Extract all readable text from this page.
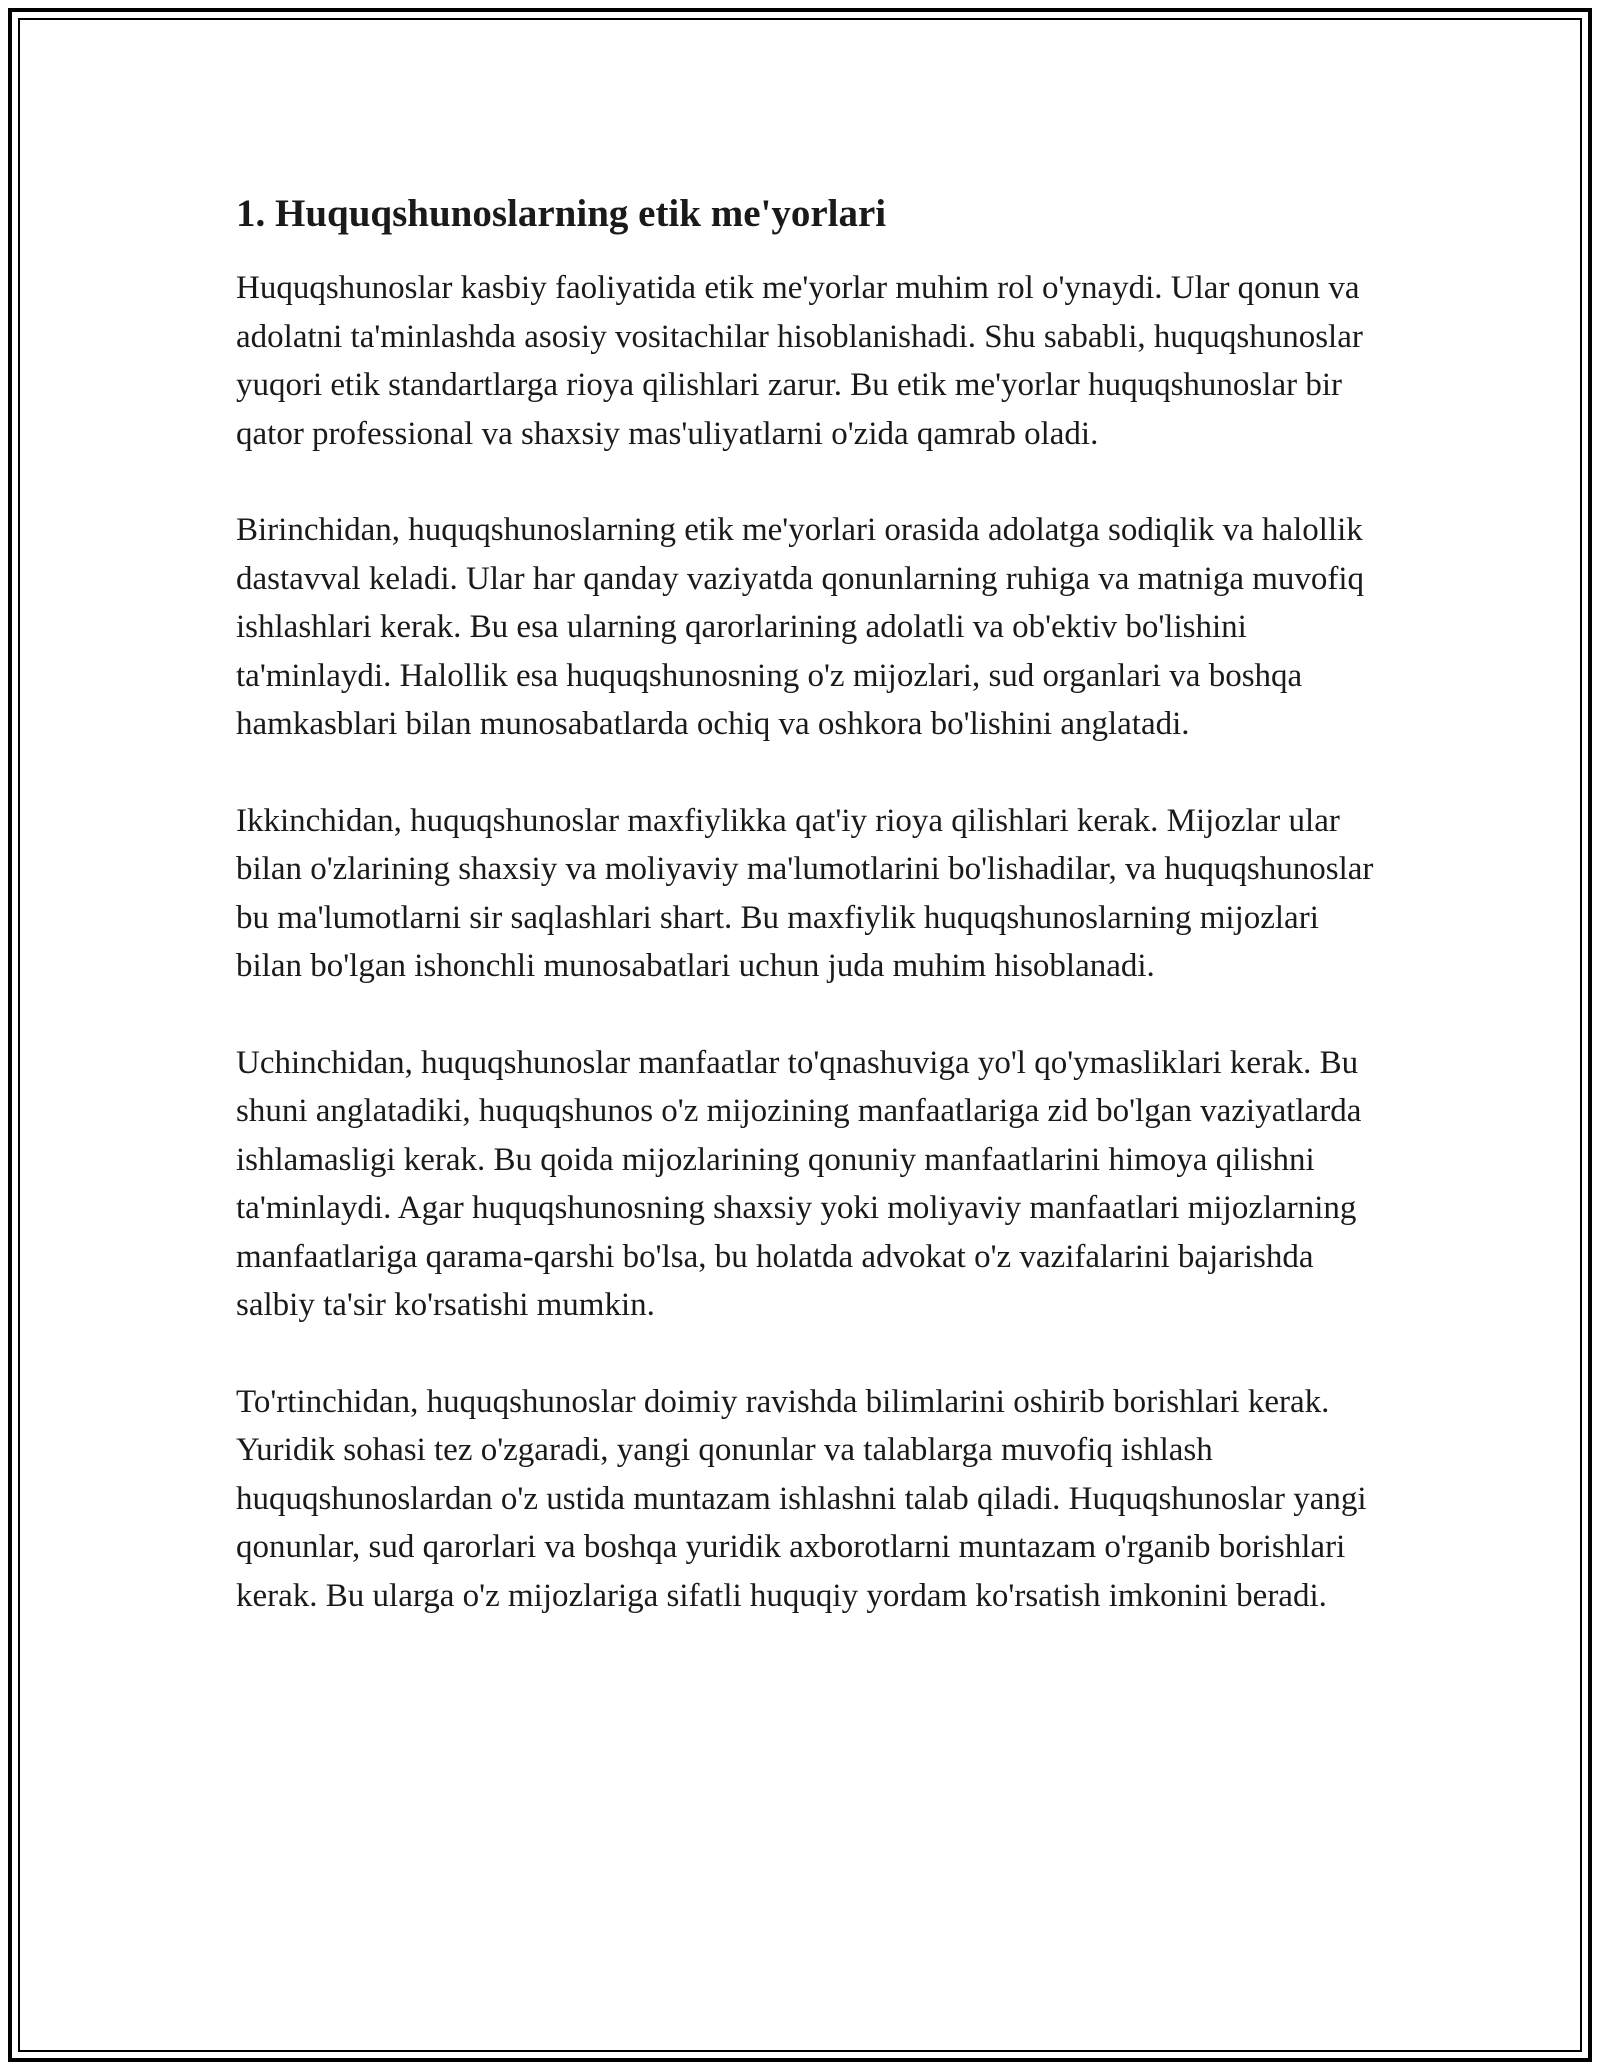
1. Huquqshunoslarning etik me'yorlari

Huquqshunoslar kasbiy faoliyatida etik me'yorlar muhim rol o'ynaydi. Ular qonun va adolatni ta'minlashda asosiy vositachilar hisoblanishadi. Shu sababli, huquqshunoslar yuqori etik standartlarga rioya qilishlari zarur. Bu etik me'yorlar huquqshunoslar bir qator professional va shaxsiy mas'uliyatlarni o'zida qamrab oladi.

Birinchidan, huquqshunoslarning etik me'yorlari orasida adolatga sodiqlik va halollik dastavval keladi. Ular har qanday vaziyatda qonunlarning ruhiga va matniga muvofiq ishlashlari kerak. Bu esa ularning qarorlarining adolatli va ob'ektiv bo'lishini ta'minlaydi. Halollik esa huquqshunosning o'z mijozlari, sud organlari va boshqa hamkasblari bilan munosabatlarda ochiq va oshkora bo'lishini anglatadi.

Ikkinchidan, huquqshunoslar maxfiylikka qat'iy rioya qilishlari kerak. Mijozlar ular bilan o'zlarining shaxsiy va moliyaviy ma'lumotlarini bo'lishadilar, va huquqshunoslar bu ma'lumotlarni sir saqlashlari shart. Bu maxfiylik huquqshunoslarning mijozlari bilan bo'lgan ishonchli munosabatlari uchun juda muhim hisoblanadi.

Uchinchidan, huquqshunoslar manfaatlar to'qnashuviga yo'l qo'ymasliklari kerak. Bu shuni anglatadiki, huquqshunos o'z mijozining manfaatlariga zid bo'lgan vaziyatlarda ishlamasligi kerak. Bu qoida mijozlarining qonuniy manfaatlarini himoya qilishni ta'minlaydi. Agar huquqshunosning shaxsiy yoki moliyaviy manfaatlari mijozlarning manfaatlariga qarama-qarshi bo'lsa, bu holatda advokat o'z vazifalarini bajarishda salbiy ta'sir ko'rsatishi mumkin.

To'rtinchidan, huquqshunoslar doimiy ravishda bilimlarini oshirib borishlari kerak. Yuridik sohasi tez o'zgaradi, yangi qonunlar va talablarga muvofiq ishlash huquqshunoslardan o'z ustida muntazam ishlashni talab qiladi. Huquqshunoslar yangi qonunlar, sud qarorlari va boshqa yuridik axborotlarni muntazam o'rganib borishlari kerak. Bu ularga o'z mijozlariga sifatli huquqiy yordam ko'rsatish imkonini beradi.
